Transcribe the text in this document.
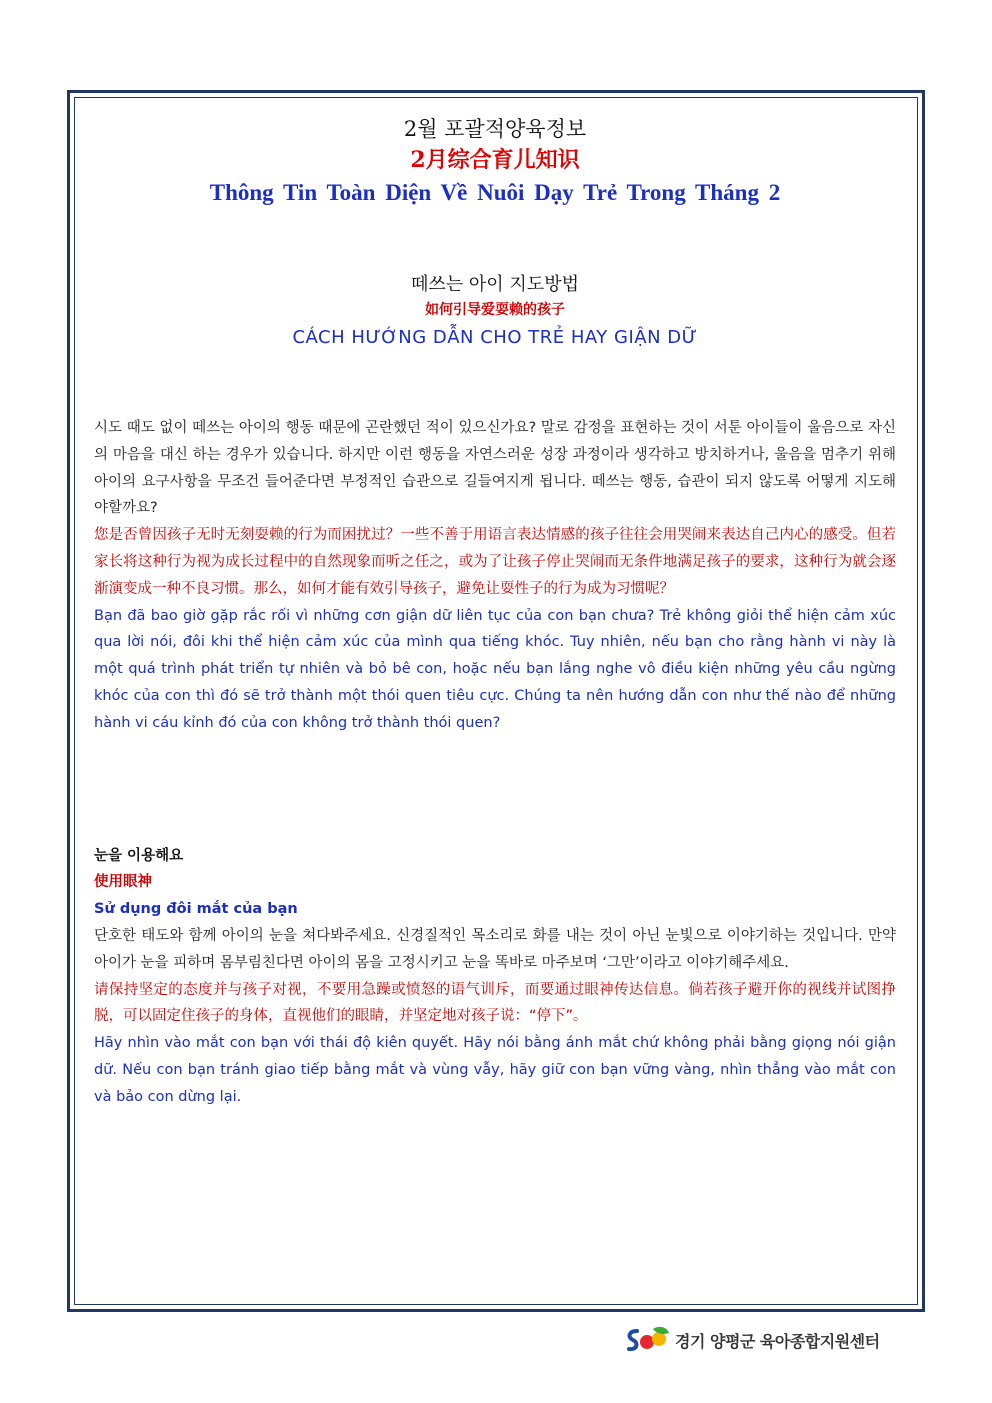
2월 포괄적양육정보

2月综合育儿知识

Thông Tin Toàn Diện Về Nuôi Dạy Trẻ Trong Tháng 2

떼쓰는 아이 지도방법

如何引导爱耍赖的孩子

CÁCH HƯỚNG DẪN CHO TRẺ HAY GIẬN DỮ

시도 때도 없이 떼쓰는 아이의 행동 때문에 곤란했던 적이 있으신가요? 말로 감정을 표현하는 것이 서툰 아이들이 울음으로 자신의 마음을 대신 하는 경우가 있습니다. 하지만 이런 행동을 자연스러운 성장 과정이라 생각하고 방치하거나, 울음을 멈추기 위해 아이의 요구사항을 무조건 들어준다면 부정적인 습관으로 길들여지게 됩니다. 떼쓰는 행동, 습관이 되지 않도록 어떻게 지도해야할까요?

您是否曾因孩子无时无刻耍赖的行为而困扰过？一些不善于用语言表达情感的孩子往往会用哭闹来表达自己内心的感受。但若家长将这种行为视为成长过程中的自然现象而听之任之，或为了让孩子停止哭闹而无条件地满足孩子的要求，这种行为就会逐渐演变成一种不良习惯。那么，如何才能有效引导孩子，避免让耍性子的行为成为习惯呢？

Bạn đã bao giờ gặp rắc rối vì những cơn giận dữ liên tục của con bạn chưa? Trẻ không giỏi thể hiện cảm xúc qua lời nói, đôi khi thể hiện cảm xúc của mình qua tiếng khóc. Tuy nhiên, nếu bạn cho rằng hành vi này là một quá trình phát triển tự nhiên và bỏ bê con, hoặc nếu bạn lắng nghe vô điều kiện những yêu cầu ngừng khóc của con thì đó sẽ trở thành một thói quen tiêu cực. Chúng ta nên hướng dẫn con như thế nào để những hành vi cáu kỉnh đó của con không trở thành thói quen?

눈을 이용해요

使用眼神

Sử dụng đôi mắt của bạn

단호한 태도와 함께 아이의 눈을 쳐다봐주세요. 신경질적인 목소리로 화를 내는 것이 아닌 눈빛으로 이야기하는 것입니다. 만약 아이가 눈을 피하며 몸부림친다면 아이의 몸을 고정시키고 눈을 똑바로 마주보며 ‘그만’이라고 이야기해주세요.

请保持坚定的态度并与孩子对视，不要用急躁或愤怒的语气训斥，而要通过眼神传达信息。倘若孩子避开你的视线并试图挣脱，可以固定住孩子的身体，直视他们的眼睛，并坚定地对孩子说：“停下”。

Hãy nhìn vào mắt con bạn với thái độ kiên quyết. Hãy nói bằng ánh mắt chứ không phải bằng giọng nói giận dữ. Nếu con bạn tránh giao tiếp bằng mắt và vùng vẫy, hãy giữ con bạn vững vàng, nhìn thẳng vào mắt con và bảo con dừng lại.

경기 양평군 육아종합지원센터
